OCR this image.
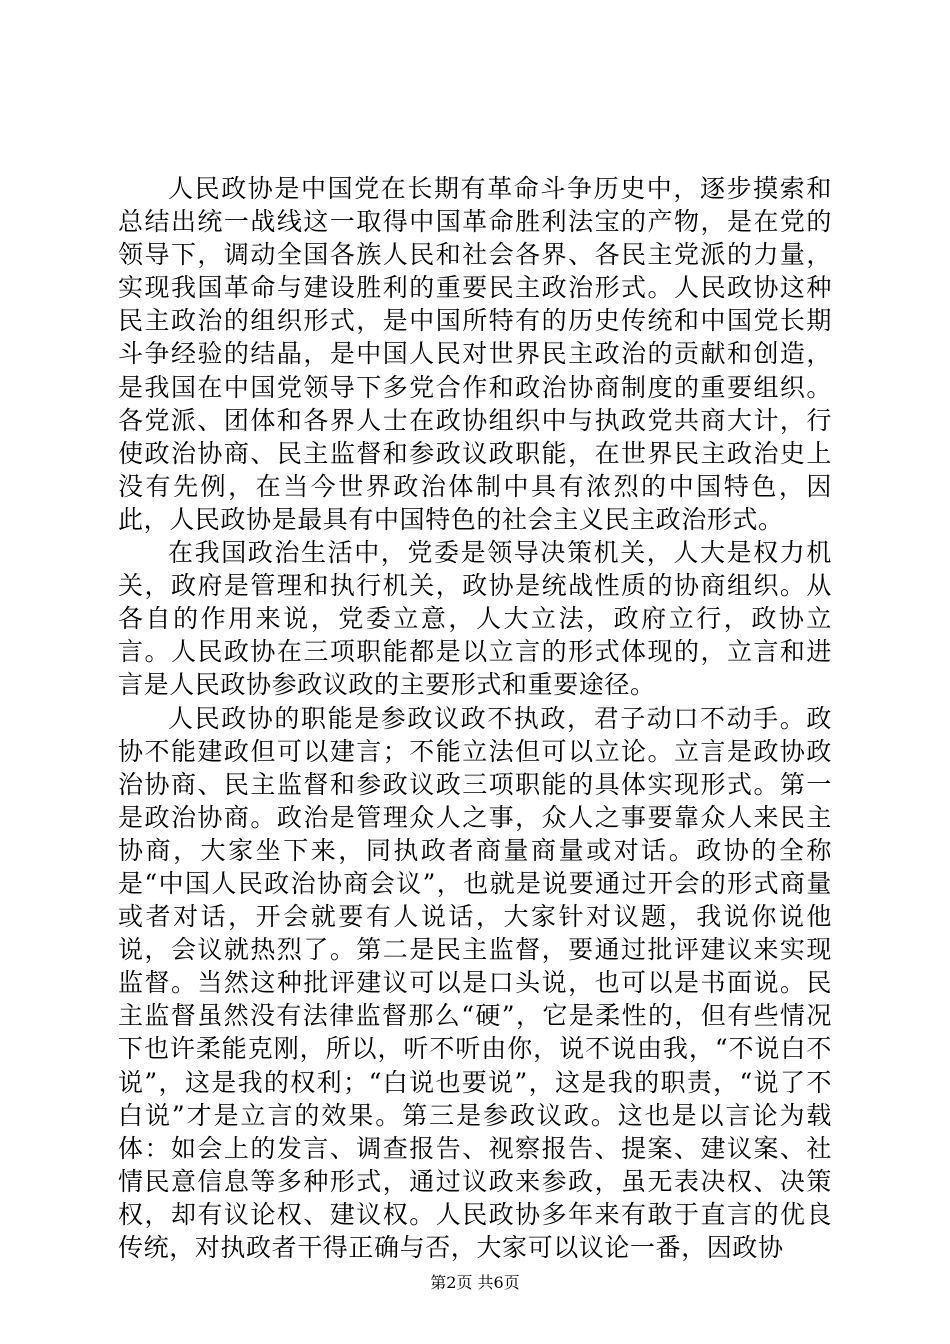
人民政协是中国党在长期有革命斗争历史中，逐步摸索和总结出统一战线这一取得中国革命胜利法宝的产物，是在党的领导下，调动全国各族人民和社会各界、各民主党派的力量，实现我国革命与建设胜利的重要民主政治形式。人民政协这种民主政治的组织形式，是中国所特有的历史传统和中国党长期斗争经验的结晶，是中国人民对世界民主政治的贡献和创造，是我国在中国党领导下多党合作和政治协商制度的重要组织。各党派、团体和各界人士在政协组织中与执政党共商大计，行使政治协商、民主监督和参政议政职能，在世界民主政治史上没有先例，在当今世界政治体制中具有浓烈的中国特色，因此，人民政协是最具有中国特色的社会主义民主政治形式。

在我国政治生活中，党委是领导决策机关，人大是权力机关，政府是管理和执行机关，政协是统战性质的协商组织。从各自的作用来说，党委立意，人大立法，政府立行，政协立言。人民政协在三项职能都是以立言的形式体现的，立言和进言是人民政协参政议政的主要形式和重要途径。

人民政协的职能是参政议政不执政，君子动口不动手。政协不能建政但可以建言；不能立法但可以立论。立言是政协政治协商、民主监督和参政议政三项职能的具体实现形式。第一是政治协商。政治是管理众人之事，众人之事要靠众人来民主协商，大家坐下来，同执政者商量商量或对话。政协的全称是“中国人民政治协商会议”，也就是说要通过开会的形式商量或者对话，开会就要有人说话，大家针对议题，我说你说他说，会议就热烈了。第二是民主监督，要通过批评建议来实现监督。当然这种批评建议可以是口头说，也可以是书面说。民主监督虽然没有法律监督那么“硬”，它是柔性的，但有些情况下也许柔能克刚，所以，听不听由你，说不说由我，“不说白不说”，这是我的权利；“白说也要说”，这是我的职责，“说了不白说”才是立言的效果。第三是参政议政。这也是以言论为载体：如会上的发言、调查报告、视察报告、提案、建议案、社情民意信息等多种形式，通过议政来参政，虽无表决权、决策权，却有议论权、建议权。人民政协多年来有敢于直言的优良传统，对执政者干得正确与否，大家可以议论一番，因政协

第2页 共6页
